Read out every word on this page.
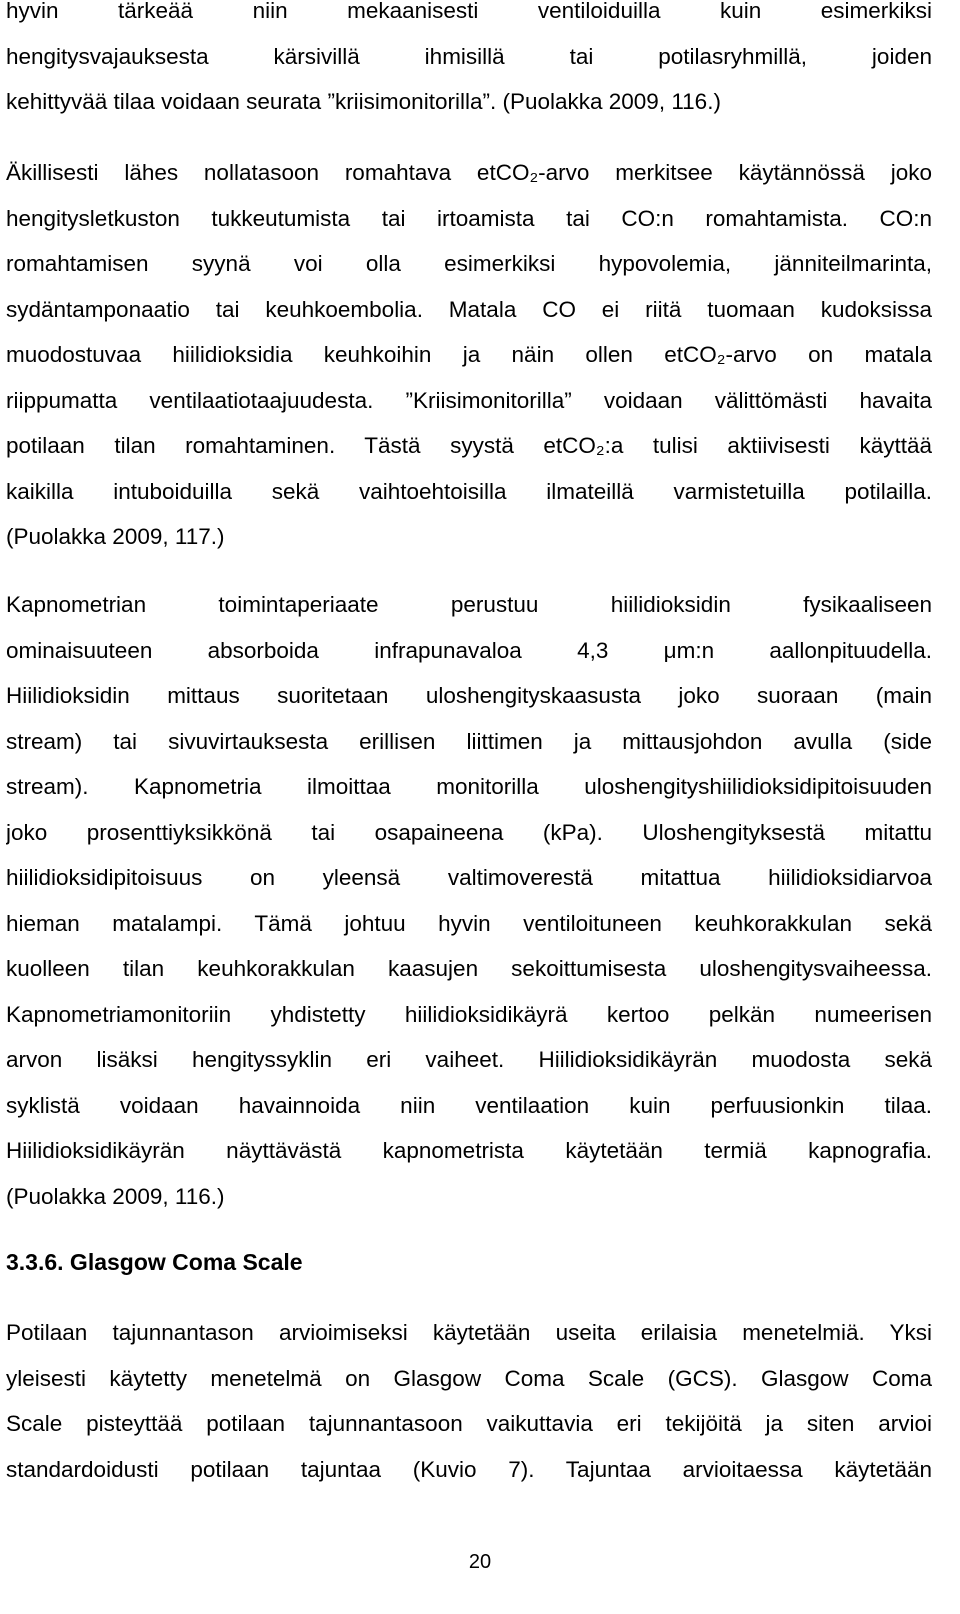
hyvin tärkeää niin mekaanisesti ventiloiduilla kuin esimerkiksi
hengitysvajauksesta kärsivillä ihmisillä tai potilasryhmillä, joiden
kehittyvää tilaa voidaan seurata ”kriisimonitorilla”. (Puolakka 2009, 116.)
Äkillisesti lähes nollatasoon romahtava etCO₂-arvo merkitsee käytännössä joko
hengitysletkuston tukkeutumista tai irtoamista tai CO:n romahtamista. CO:n
romahtamisen syynä voi olla esimerkiksi hypovolemia, jänniteilmarinta,
sydäntamponaatio tai keuhkoembolia. Matala CO ei riitä tuomaan kudoksissa
muodostuvaa hiilidioksidia keuhkoihin ja näin ollen etCO₂-arvo on matala
riippumatta ventilaatiotaajuudesta. ”Kriisimonitorilla” voidaan välittömästi havaita
potilaan tilan romahtaminen. Tästä syystä etCO₂:a tulisi aktiivisesti käyttää
kaikilla intuboiduilla sekä vaihtoehtoisilla ilmateillä varmistetuilla potilailla.
(Puolakka 2009, 117.)
Kapnometrian toimintaperiaate perustuu hiilidioksidin fysikaaliseen
ominaisuuteen absorboida infrapunavaloa 4,3 μm:n aallonpituudella.
Hiilidioksidin mittaus suoritetaan uloshengityskaasusta joko suoraan (main
stream) tai sivuvirtauksesta erillisen liittimen ja mittausjohdon avulla (side
stream). Kapnometria ilmoittaa monitorilla uloshengityshiilidioksidipitoisuuden
joko prosenttiyksikkönä tai osapaineena (kPa). Uloshengityksestä mitattu
hiilidioksidipitoisuus on yleensä valtimoverestä mitattua hiilidioksidiarvoa
hieman matalampi. Tämä johtuu hyvin ventiloituneen keuhkorakkulan sekä
kuolleen tilan keuhkorakkulan kaasujen sekoittumisesta uloshengitysvaiheessa.
Kapnometriamonitoriin yhdistetty hiilidioksidikäyrä kertoo pelkän numeerisen
arvon lisäksi hengityssyklin eri vaiheet. Hiilidioksidikäyrän muodosta sekä
syklistä voidaan havainnoida niin ventilaation kuin perfuusionkin tilaa.
Hiilidioksidikäyrän näyttävästä kapnometrista käytetään termiä kapnografia.
(Puolakka 2009, 116.)
3.3.6. Glasgow Coma Scale
Potilaan tajunnantason arvioimiseksi käytetään useita erilaisia menetelmiä. Yksi
yleisesti käytetty menetelmä on Glasgow Coma Scale (GCS). Glasgow Coma
Scale pisteyttää potilaan tajunnantasoon vaikuttavia eri tekijöitä ja siten arvioi
standardoidusti potilaan tajuntaa (Kuvio 7). Tajuntaa arvioitaessa käytetään
20
